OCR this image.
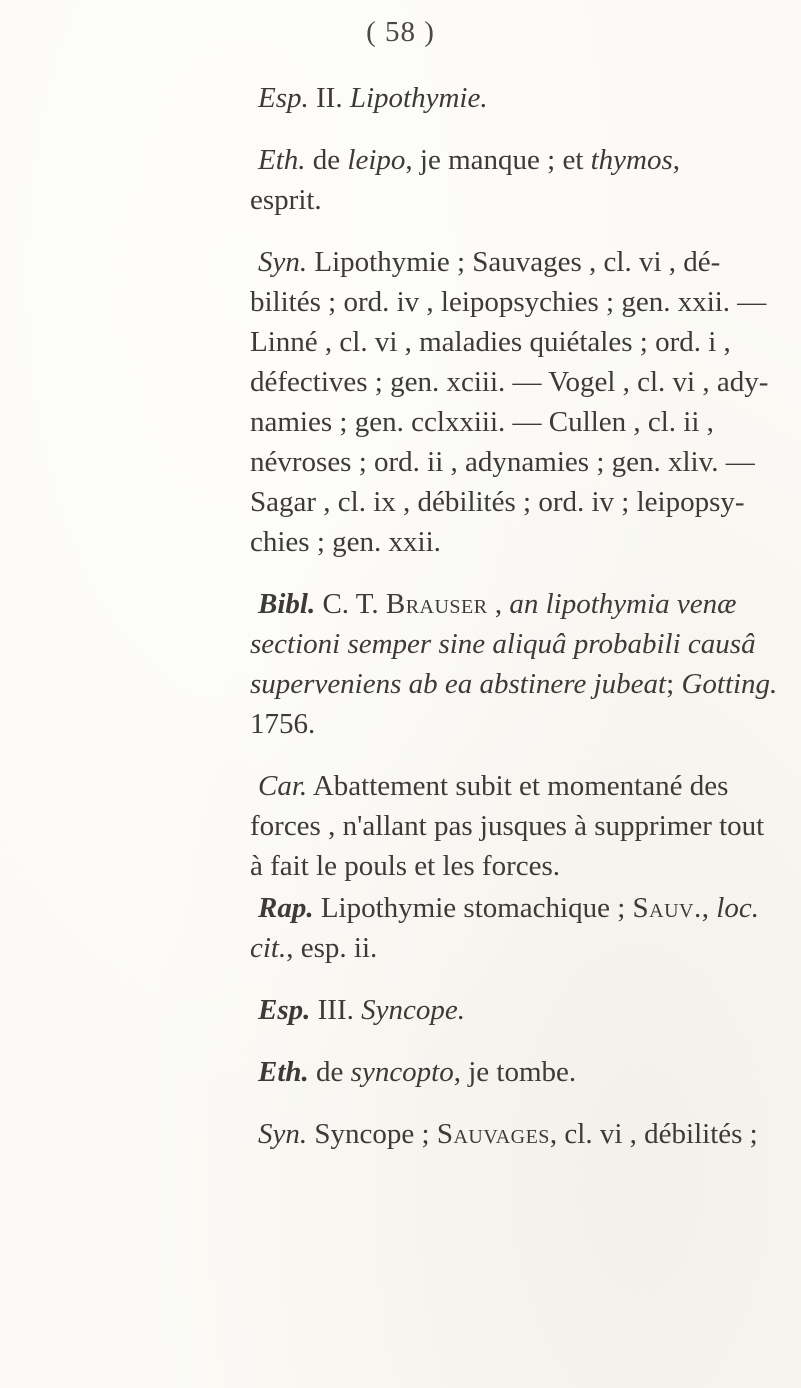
( 58 )
Esp. II. Lipothymie.
Eth. de leipo, je manque ; et thymos,
esprit.
Syn. Lipothymie ; Sauvages , cl. vi , dé-
bilités ; ord. iv , leipopsychies ; gen. xxii. —
Linné , cl. vi , maladies quiétales ; ord. i ,
défectives ; gen. xciii. — Vogel , cl. vi , ady-
namies ; gen. cclxxiii. — Cullen , cl. ii ,
névroses ; ord. ii , adynamies ; gen. xliv. —
Sagar , cl. ix , débilités ; ord. iv ; leipopsy-
chies ; gen. xxii.
Bibl. C. T. Brauser , an lipothymia venæ
sectioni semper sine aliquâ probabili causâ
superveniens ab ea abstinere jubeat; Gotting.
1756.
Car. Abattement subit et momentané des
forces , n'allant pas jusques à supprimer tout
à fait le pouls et les forces.
Rap. Lipothymie stomachique ; Sauv., loc.
cit., esp. ii.
Esp. III. Syncope.
Eth. de syncopto, je tombe.
Syn. Syncope ; Sauvages, cl. vi , débilités ;
